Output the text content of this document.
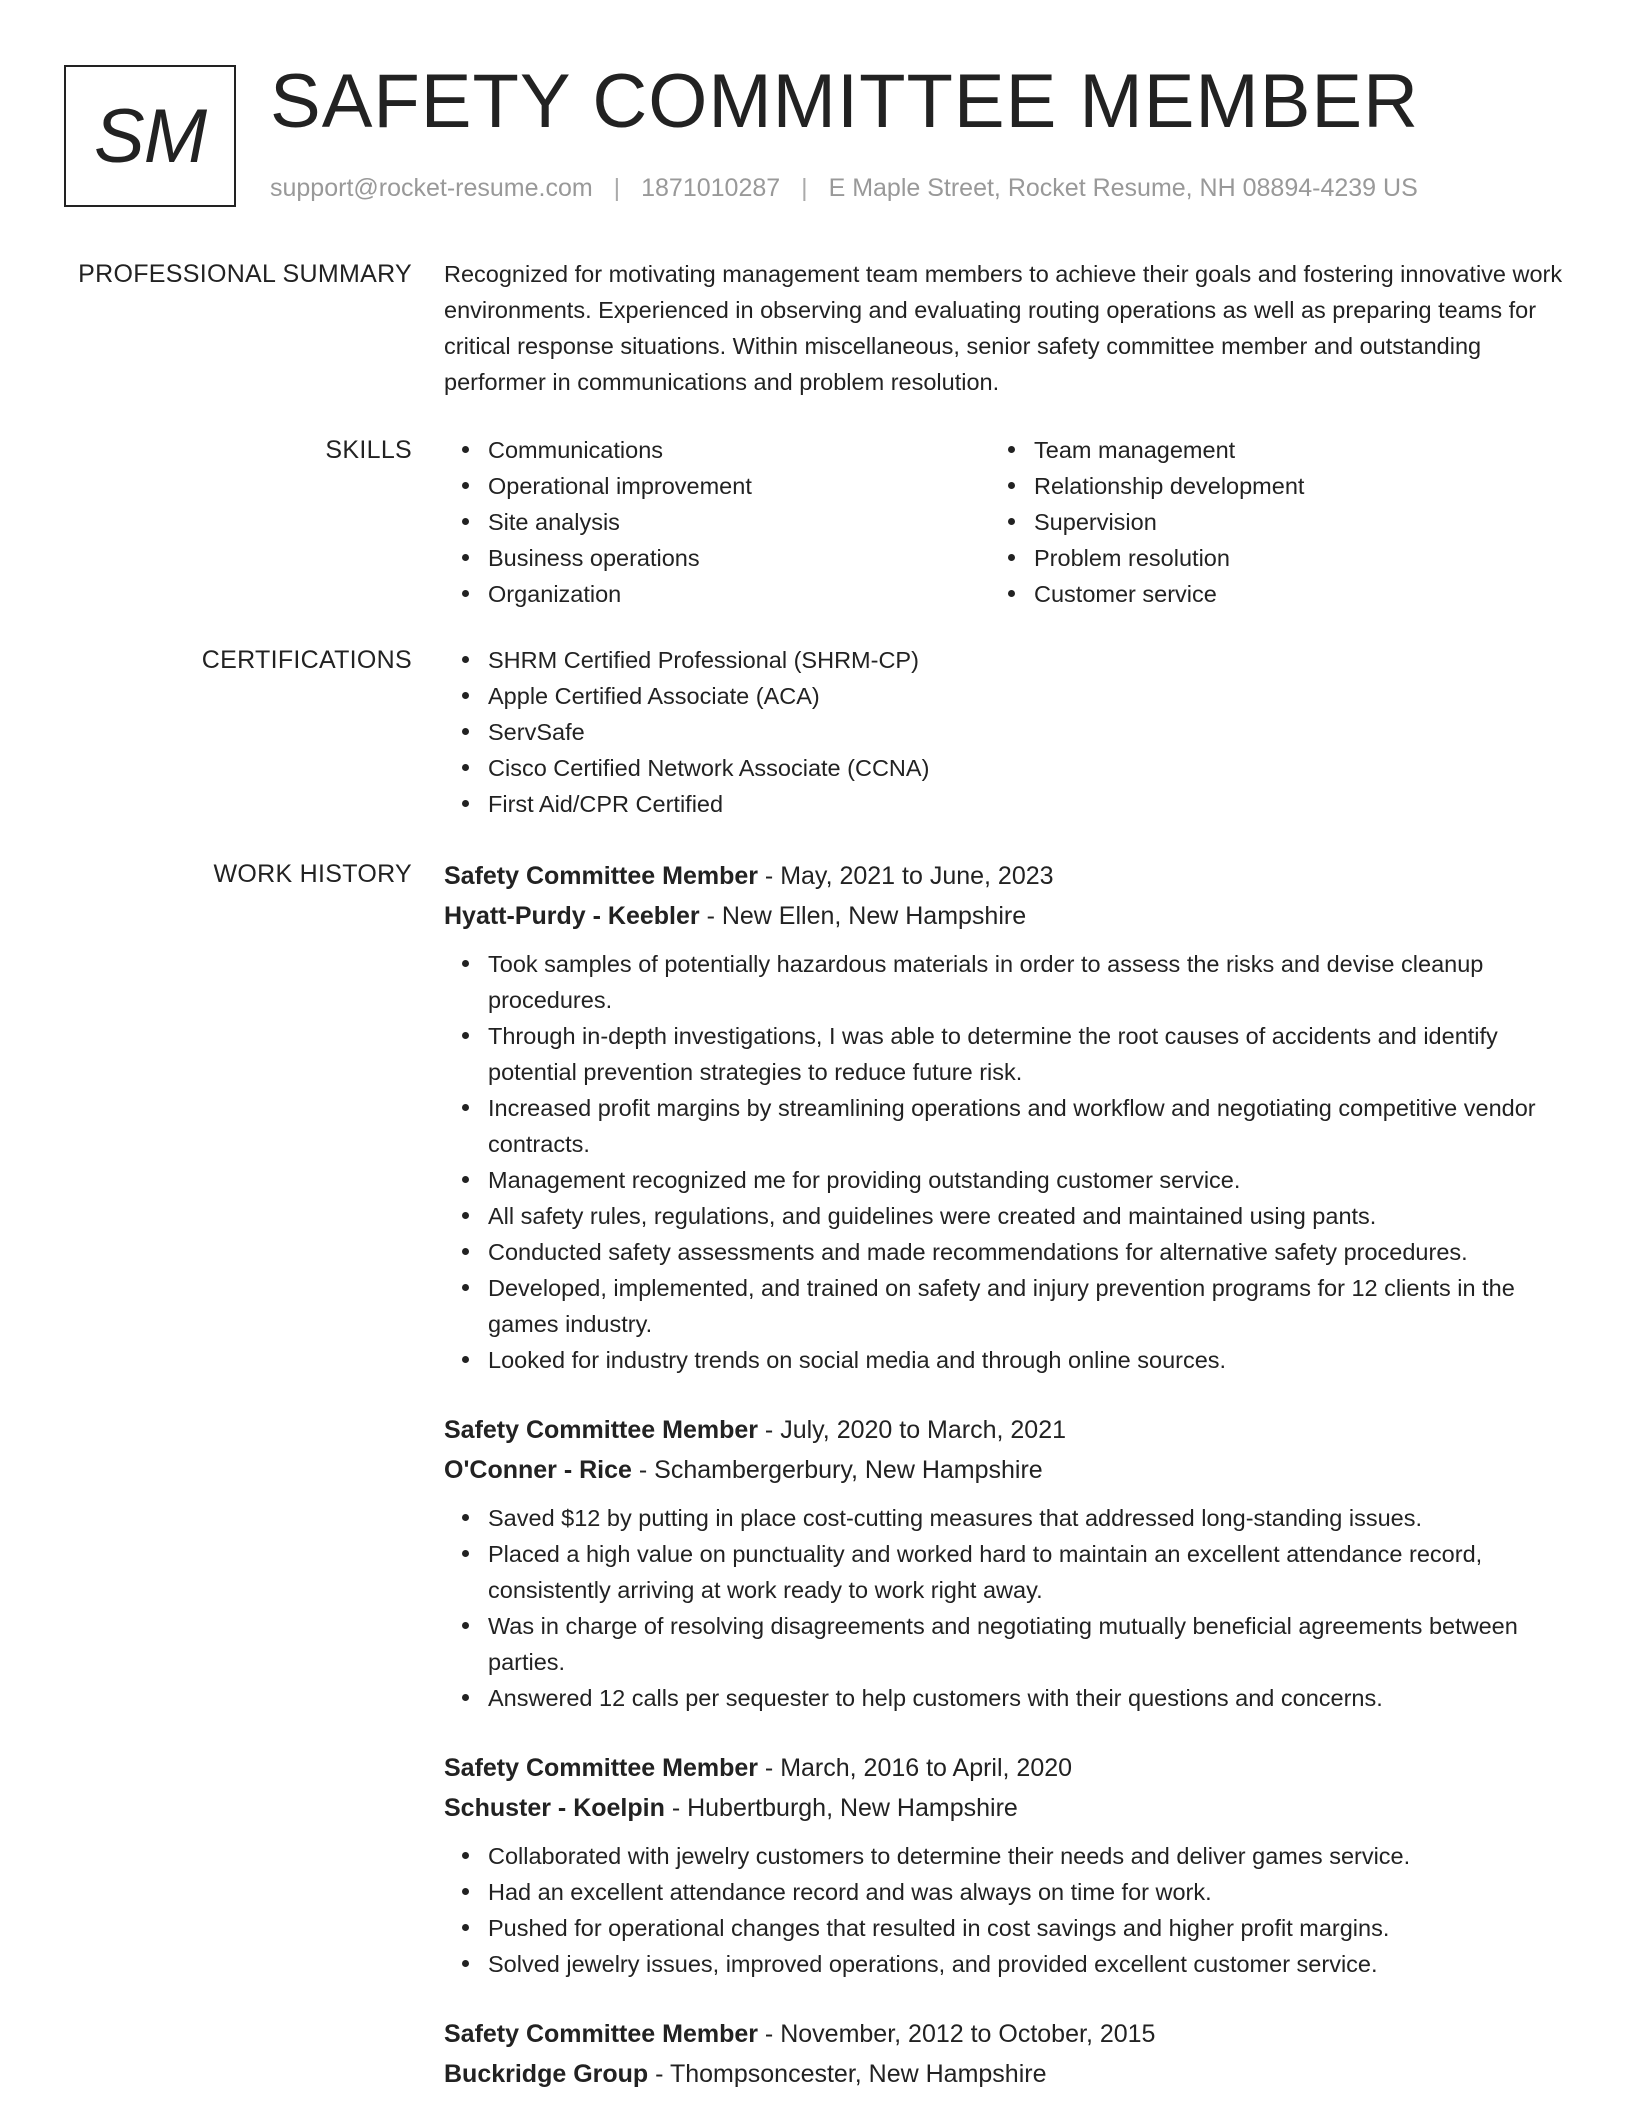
SM SAFETY COMMITTEE MEMBER
support@rocket-resume.com | 1871010287 | E Maple Street, Rocket Resume, NH 08894-4239 US
PROFESSIONAL SUMMARY Recognized for motivating management team members to achieve their goals and fostering innovative work environments. Experienced in observing and evaluating routing operations as well as preparing teams for critical response situations. Within miscellaneous, senior safety committee member and outstanding performer in communications and problem resolution.
SKILLS	Communications
Operational improvement
Site analysis
Business operations
Organization
Team management
Relationship development
Supervision
Problem resolution
Customer service
CERTIFICATIONS	SHRM Certified Professional (SHRM-CP)
Apple Certified Associate (ACA)
ServSafe
Cisco Certified Network Associate (CCNA)
First Aid/CPR Certified
WORK HISTORY Safety Committee Member - May, 2021 to June, 2023
Hyatt-Purdy - Keebler - New Ellen, New Hampshire
Took samples of potentially hazardous materials in order to assess the risks and devise cleanup procedures.
Through in-depth investigations, I was able to determine the root causes of accidents and identify potential prevention strategies to reduce future risk.
Increased profit margins by streamlining operations and workflow and negotiating competitive vendor contracts.
Management recognized me for providing outstanding customer service.
All safety rules, regulations, and guidelines were created and maintained using pants.
Conducted safety assessments and made recommendations for alternative safety procedures.
Developed, implemented, and trained on safety and injury prevention programs for 12 clients in the games industry.
Looked for industry trends on social media and through online sources.
Safety Committee Member - July, 2020 to March, 2021
O'Conner - Rice - Schambergerbury, New Hampshire
Saved $12 by putting in place cost-cutting measures that addressed long-standing issues.
Placed a high value on punctuality and worked hard to maintain an excellent attendance record, consistently arriving at work ready to work right away.
Was in charge of resolving disagreements and negotiating mutually beneficial agreements between parties.
Answered 12 calls per sequester to help customers with their questions and concerns.
Safety Committee Member - March, 2016 to April, 2020
Schuster - Koelpin - Hubertburgh, New Hampshire
Collaborated with jewelry customers to determine their needs and deliver games service.
Had an excellent attendance record and was always on time for work.
Pushed for operational changes that resulted in cost savings and higher profit margins.
Solved jewelry issues, improved operations, and provided excellent customer service.
Safety Committee Member - November, 2012 to October, 2015
Buckridge Group - Thompsoncester, New Hampshire
